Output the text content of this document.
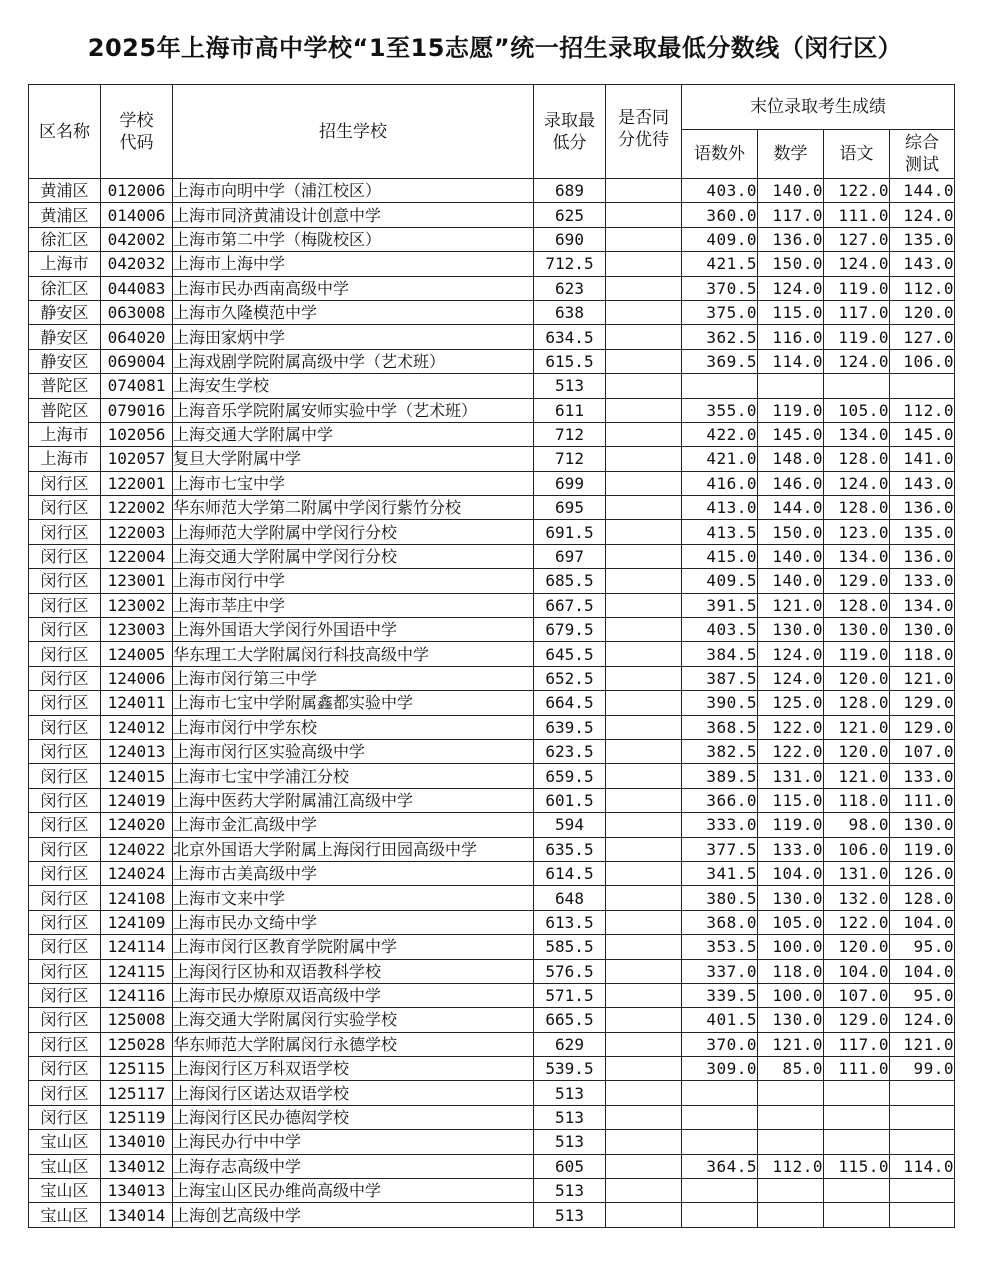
2025年上海市高中学校“1至15志愿”统一招生录取最低分数线（闵行区）
区名称	学校代码	招生学校	录取最低分	是否同分优待	末位录取考生成绩			
					语数外	数学	语文	综合测试
黄浦区	012006	上海市向明中学（浦江校区）	689		403.0	140.0	122.0	144.0
黄浦区	014006	上海市同济黄浦设计创意中学	625		360.0	117.0	111.0	124.0
徐汇区	042002	上海市第二中学（梅陇校区）	690		409.0	136.0	127.0	135.0
上海市	042032	上海市上海中学	712.5		421.5	150.0	124.0	143.0
徐汇区	044083	上海市民办西南高级中学	623		370.5	124.0	119.0	112.0
静安区	063008	上海市久隆模范中学	638		375.0	115.0	117.0	120.0
静安区	064020	上海田家炳中学	634.5		362.5	116.0	119.0	127.0
静安区	069004	上海戏剧学院附属高级中学（艺术班）	615.5		369.5	114.0	124.0	106.0
普陀区	074081	上海安生学校	513					
普陀区	079016	上海音乐学院附属安师实验中学（艺术班）	611		355.0	119.0	105.0	112.0
上海市	102056	上海交通大学附属中学	712		422.0	145.0	134.0	145.0
上海市	102057	复旦大学附属中学	712		421.0	148.0	128.0	141.0
闵行区	122001	上海市七宝中学	699		416.0	146.0	124.0	143.0
闵行区	122002	华东师范大学第二附属中学闵行紫竹分校	695		413.0	144.0	128.0	136.0
闵行区	122003	上海师范大学附属中学闵行分校	691.5		413.5	150.0	123.0	135.0
闵行区	122004	上海交通大学附属中学闵行分校	697		415.0	140.0	134.0	136.0
闵行区	123001	上海市闵行中学	685.5		409.5	140.0	129.0	133.0
闵行区	123002	上海市莘庄中学	667.5		391.5	121.0	128.0	134.0
闵行区	123003	上海外国语大学闵行外国语中学	679.5		403.5	130.0	130.0	130.0
闵行区	124005	华东理工大学附属闵行科技高级中学	645.5		384.5	124.0	119.0	118.0
闵行区	124006	上海市闵行第三中学	652.5		387.5	124.0	120.0	121.0
闵行区	124011	上海市七宝中学附属鑫都实验中学	664.5		390.5	125.0	128.0	129.0
闵行区	124012	上海市闵行中学东校	639.5		368.5	122.0	121.0	129.0
闵行区	124013	上海市闵行区实验高级中学	623.5		382.5	122.0	120.0	107.0
闵行区	124015	上海市七宝中学浦江分校	659.5		389.5	131.0	121.0	133.0
闵行区	124019	上海中医药大学附属浦江高级中学	601.5		366.0	115.0	118.0	111.0
闵行区	124020	上海市金汇高级中学	594		333.0	119.0	98.0	130.0
闵行区	124022	北京外国语大学附属上海闵行田园高级中学	635.5		377.5	133.0	106.0	119.0
闵行区	124024	上海市古美高级中学	614.5		341.5	104.0	131.0	126.0
闵行区	124108	上海市文来中学	648		380.5	130.0	132.0	128.0
闵行区	124109	上海市民办文绮中学	613.5		368.0	105.0	122.0	104.0
闵行区	124114	上海市闵行区教育学院附属中学	585.5		353.5	100.0	120.0	95.0
闵行区	124115	上海闵行区协和双语教科学校	576.5		337.0	118.0	104.0	104.0
闵行区	124116	上海市民办燎原双语高级中学	571.5		339.5	100.0	107.0	95.0
闵行区	125008	上海交通大学附属闵行实验学校	665.5		401.5	130.0	129.0	124.0
闵行区	125028	华东师范大学附属闵行永德学校	629		370.0	121.0	117.0	121.0
闵行区	125115	上海闵行区万科双语学校	539.5		309.0	85.0	111.0	99.0
闵行区	125117	上海闵行区诺达双语学校	513					
闵行区	125119	上海闵行区民办德闳学校	513					
宝山区	134010	上海民办行中中学	513					
宝山区	134012	上海存志高级中学	605		364.5	112.0	115.0	114.0
宝山区	134013	上海宝山区民办维尚高级中学	513					
宝山区	134014	上海创艺高级中学	513					
